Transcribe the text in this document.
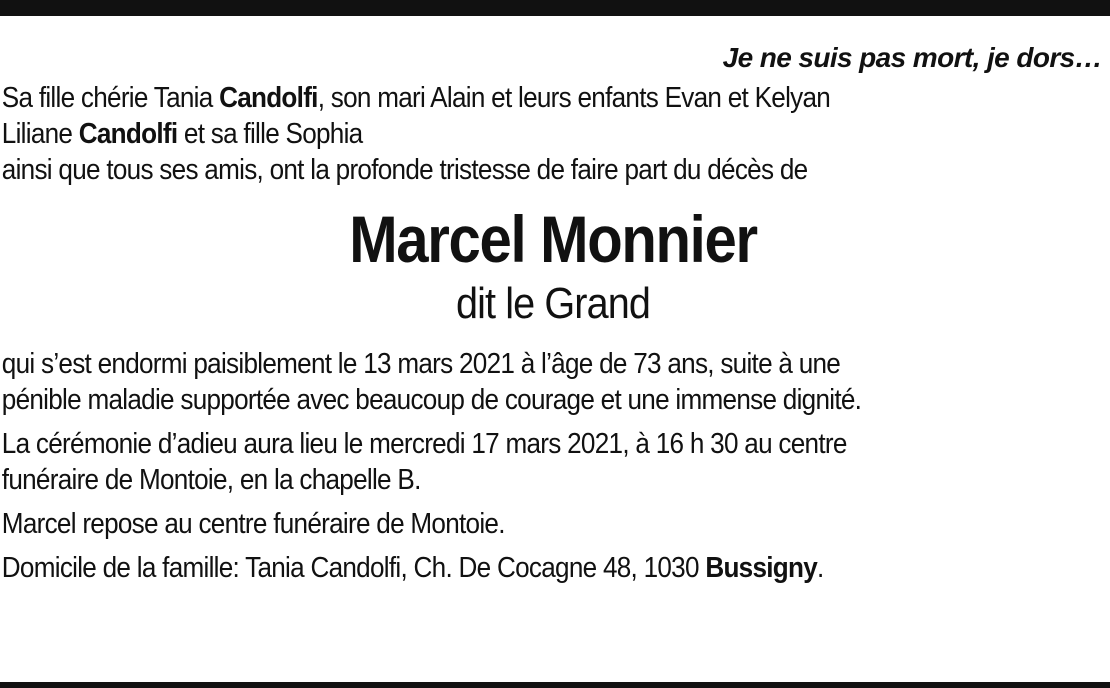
Je ne suis pas mort, je dors…
Sa fille chérie Tania Candolfi, son mari Alain et leurs enfants Evan et Kelyan
Liliane Candolfi et sa fille Sophia
ainsi que tous ses amis, ont la profonde tristesse de faire part du décès de
Marcel Monnier
dit le Grand
qui s’est endormi paisiblement le 13 mars 2021 à l’âge de 73 ans, suite à une
pénible maladie supportée avec beaucoup de courage et une immense dignité.
La cérémonie d’adieu aura lieu le mercredi 17 mars 2021, à 16 h 30 au centre
funéraire de Montoie, en la chapelle B.
Marcel repose au centre funéraire de Montoie.
Domicile de la famille: Tania Candolfi, Ch. De Cocagne 48, 1030 Bussigny.
